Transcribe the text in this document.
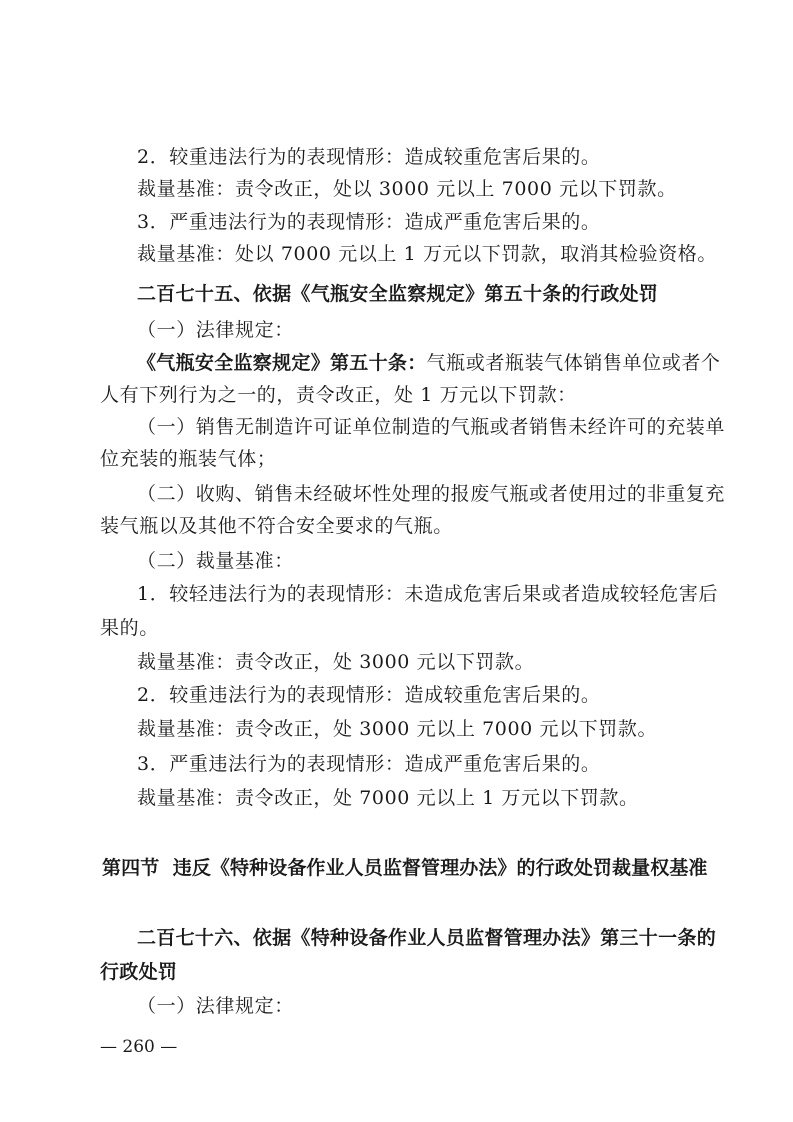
2．较重违法行为的表现情形：造成较重危害后果的。
裁量基准：责令改正，处以 3000 元以上 7000 元以下罚款。
3．严重违法行为的表现情形：造成严重危害后果的。
裁量基准：处以 7000 元以上 1 万元以下罚款，取消其检验资格。
二百七十五、依据《气瓶安全监察规定》第五十条的行政处罚
（一）法律规定：
《气瓶安全监察规定》第五十条：气瓶或者瓶装气体销售单位或者个
人有下列行为之一的，责令改正，处 1 万元以下罚款：
（一）销售无制造许可证单位制造的气瓶或者销售未经许可的充装单
位充装的瓶装气体；
（二）收购、销售未经破坏性处理的报废气瓶或者使用过的非重复充
装气瓶以及其他不符合安全要求的气瓶。
（二）裁量基准：
1．较轻违法行为的表现情形：未造成危害后果或者造成较轻危害后
果的。
裁量基准：责令改正，处 3000 元以下罚款。
2．较重违法行为的表现情形：造成较重危害后果的。
裁量基准：责令改正，处 3000 元以上 7000 元以下罚款。
3．严重违法行为的表现情形：造成严重危害后果的。
裁量基准：责令改正，处 7000 元以上 1 万元以下罚款。
第四节  违反《特种设备作业人员监督管理办法》的行政处罚裁量权基准
二百七十六、依据《特种设备作业人员监督管理办法》第三十一条的
行政处罚
（一）法律规定：
— 260 —
